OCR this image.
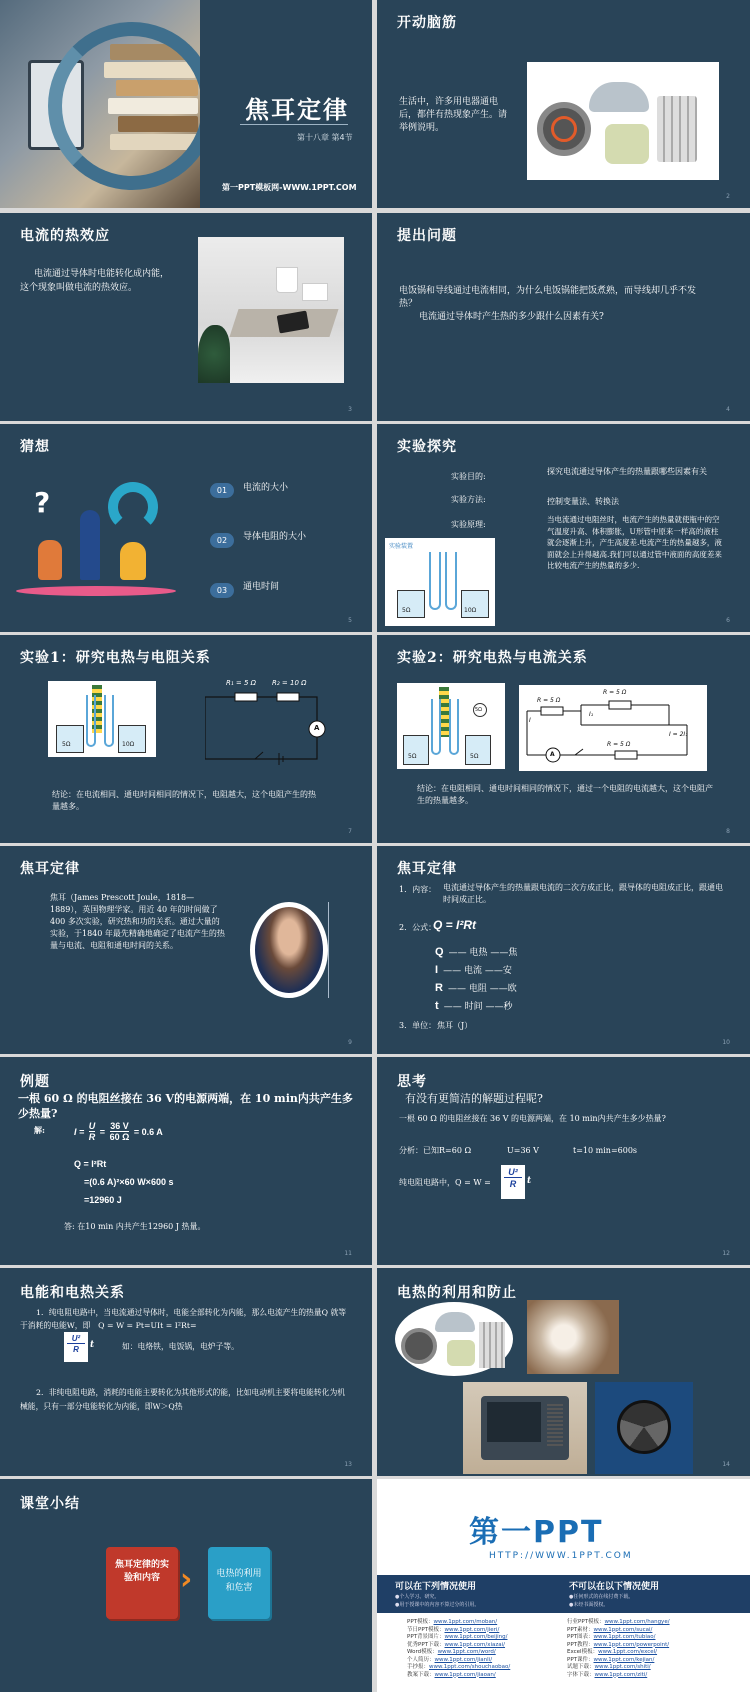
焦耳定律
第十八章 第4节
第一PPT模板网-WWW.1PPT.COM
开动脑筋
生活中，许多用电器通电后，都伴有热现象产生。请举例说明。
2
电流的热效应
电流通过导体时电能转化成内能，这个现象叫做电流的热效应。
3
提出问题
电饭锅和导线通过电流相同，为什么电饭锅能把饭煮熟，而导线却几乎不发热？
电流通过导体时产生热的多少跟什么因素有关?
4
猜想
?	01	电流的大小
02	导体电阻的大小
03	通电时间
5
实验探究
实验目的:
探究电流通过导体产生的热量跟哪些因素有关
实验方法:	控制变量法、转换法
实验原理:
当电流通过电阻丝时，电流产生的热量就使瓶中的空气温度升高、体积膨胀，U形管中原来一样高的液柱就会逐渐上升，产生高度差.电流产生的热量越多，液面就会上升得越高.我们可以通过管中液面的高度差来比较电流产生的热量的多少.
实验装置
5Ω	10Ω
6
实验1：研究电热与电阻关系
5Ω	10Ω
R₁ = 5 Ω R₂ = 10 Ω
A
结论：在电流相同、通电时间相同的情况下，电阻越大，这个电阻产生的热量越多。
7
实验2：研究电热与电流关系
5Ω	5Ω
5Ω
R = 5 Ω
R = 5 Ω
R = 5 Ω
I₁
I
I = 2I₁
A
结论：在电阻相同、通电时间相同的情况下，通过一个电阻的电流越大，这个电阻产生的热量越多。
8
焦耳定律
焦耳（James Prescott Joule，1818—1889），英国物理学家。用近 40 年的时间做了400 多次实验，研究热和功的关系。通过大量的实验，于1840 年最先精确地确定了电流产生的热量与电流、电阻和通电时间的关系。
9
焦耳定律
1．内容： 电流通过导体产生的热量跟电流的二次方成正比，跟导体的电阻成正比，跟通电时间成正比。
2．公式：
Q = I²Rt
Q —— 电热 ——焦
I —— 电流 ——安
R —— 电阻 ——欧
t —— 时间 ——秒
3．单位： 焦耳（J）
10
例题
一根 60 Ω 的电阻丝接在 36 V的电源两端，在 10 min内共产生多少热量?
解:	$I = \frac{U}{R} = \frac{36 V}{60 \Omega} = 0.6$ A
Q = I²Rt
=(0.6 A)²×60 W×600 s
=12960 J
答: 在10 min 内共产生12960 J 热量。
11
思考
有没有更简洁的解题过程呢?
一根 60 Ω 的电阻丝接在 36 V 的电源两端，在 10 min内共产生多少热量?
分析：已知R=60 Ω	U=36 V	t=10 min=600s
纯电阻电路中，Q = W =
U²
R	t
12
电能和电热关系
1．纯电阻电路中，当电流通过导体时，电能全部转化为内能，那么电流产生的热量Q 就等于消耗的电能W，即　Q = W = Pt=UIt = I²Rt=
U²
R	t	如：电烙铁，电饭锅，电炉子等。
2．非纯电阻电路，消耗的电能主要转化为其他形式的能，比如电动机主要将电能转化为机械能，只有一部分电能转化为内能，即W＞Q热
13
电热的利用和防止
14
课堂小结
焦耳定律的实验和内容 ›	电热的利用和危害
第一PPT
HTTP://WWW.1PPT.COM
可以在下列情况使用
●个人学习、研究。
●用于授课中的内容不算过分的引用。
不可以在以下情况使用
●任何形式的在线付费下载。
●未经书面授权。
PPT模板：www.1ppt.com/moban/
节日PPT模板：www.1ppt.com/jieri/
PPT背景图片：www.1ppt.com/beijing/
优秀PPT下载：www.1ppt.com/xiazai/
Word模板：www.1ppt.com/word/
个人简历：www.1ppt.com/jianli/
手抄报：www.1ppt.com/shouchaobao/
教案下载：www.1ppt.com/jiaoan/
行业PPT模板：www.1ppt.com/hangye/
PPT素材：www.1ppt.com/sucai/
PPT图表：www.1ppt.com/tubiao/
PPT教程：www.1ppt.com/powerpoint/
Excel模板：www.1ppt.com/excel/
PPT课件：www.1ppt.com/kejian/
试题下载：www.1ppt.com/shiti/
字体下载：www.1ppt.com/ziti/
